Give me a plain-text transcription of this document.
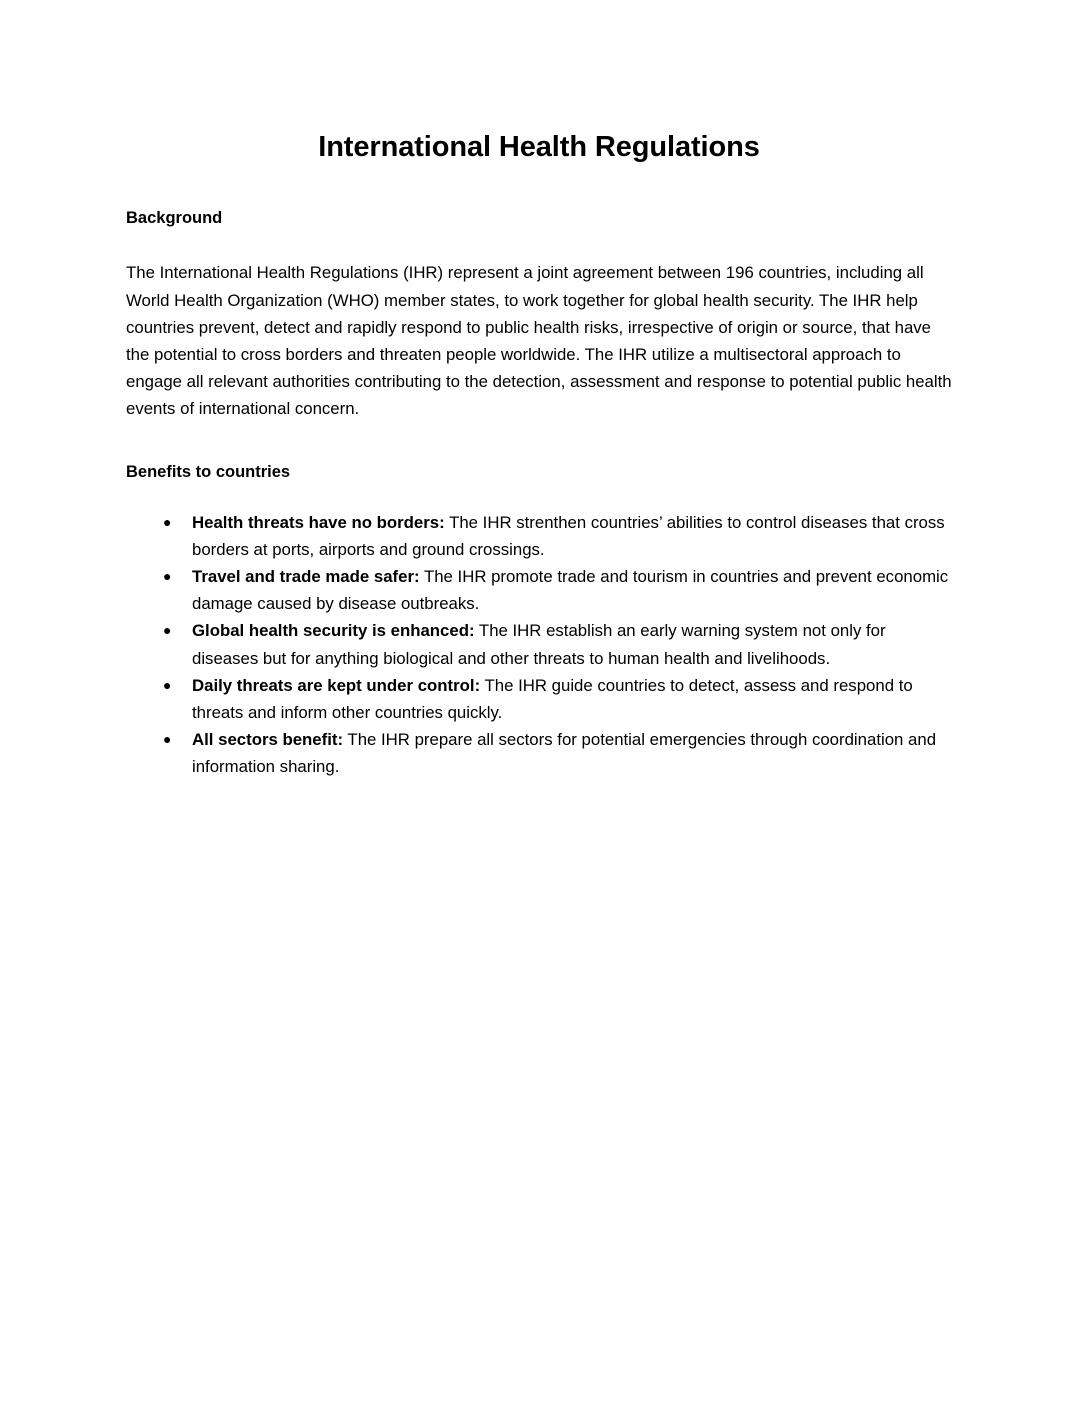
International Health Regulations
Background

The International Health Regulations (IHR) represent a joint agreement between 196 countries, including all World Health Organization (WHO) member states, to work together for global health security. The IHR help countries prevent, detect and rapidly respond to public health risks, irrespective of origin or source, that have the potential to cross borders and threaten people worldwide. The IHR utilize a multisectoral approach to engage all relevant authorities contributing to the detection, assessment and response to potential public health events of international concern.

Benefits to countries
● Health threats have no borders: The IHR strenthen countries’ abilities to control diseases that cross borders at ports, airports and ground crossings.
● Travel and trade made safer: The IHR promote trade and tourism in countries and prevent economic damage caused by disease outbreaks.
● Global health security is enhanced: The IHR establish an early warning system not only for diseases but for anything biological and other threats to human health and livelihoods.
● Daily threats are kept under control: The IHR guide countries to detect, assess and respond to threats and inform other countries quickly.
● All sectors benefit: The IHR prepare all sectors for potential emergencies through coordination and information sharing.
